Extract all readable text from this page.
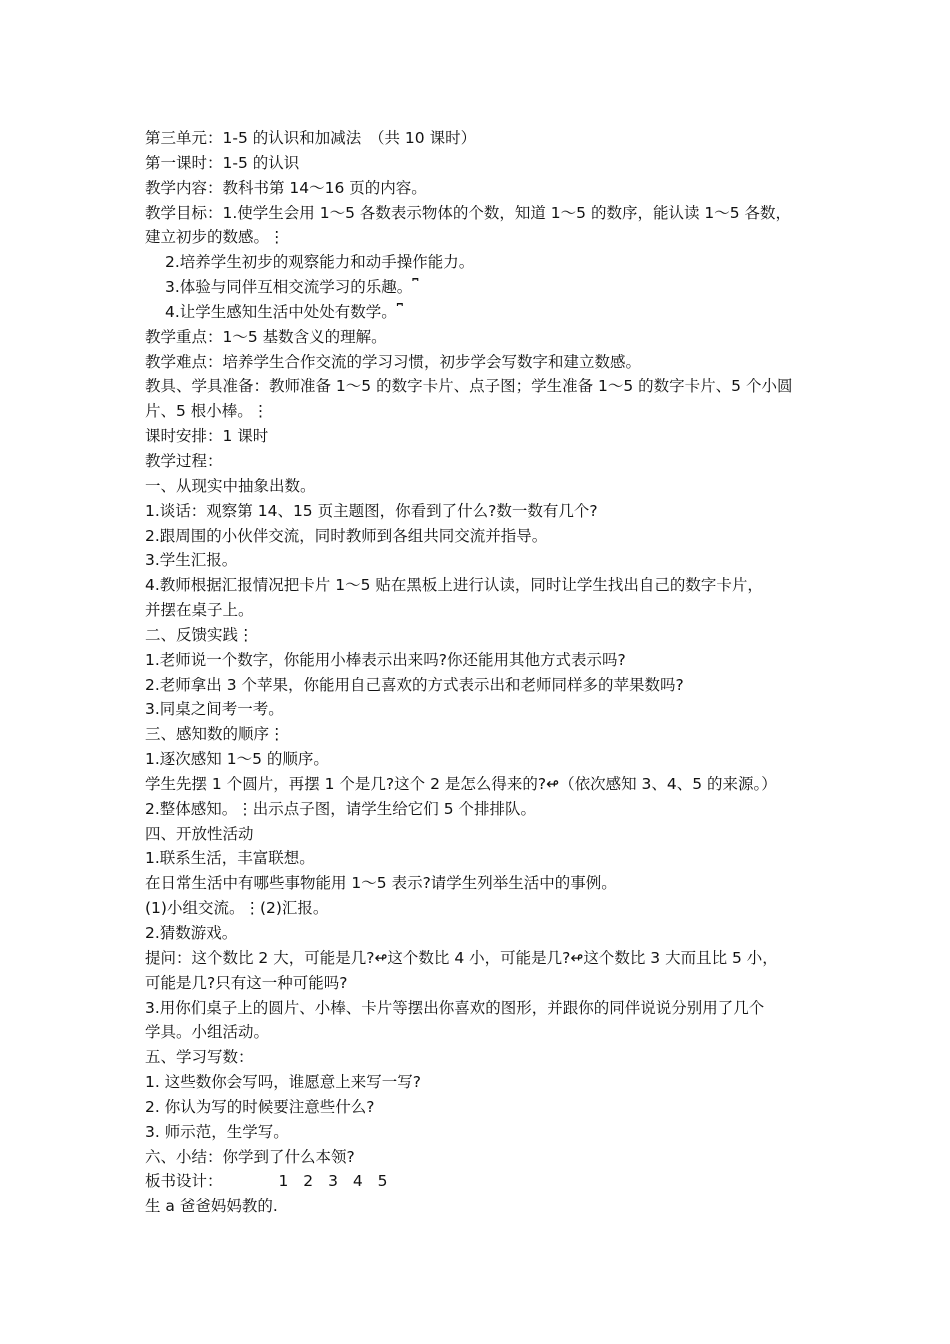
第三单元：1-5 的认识和加减法　（共 10 课时）
第一课时：1-5 的认识
教学内容：教科书第 14～16 页的内容。
教学目标：1.使学生会用 1～5 各数表示物体的个数，知道 1～5 的数序，能认读 1～5 各数，
建立初步的数感。⋮
2.培养学生初步的观察能力和动手操作能力。
3.体验与同伴互相交流学习的乐趣。⎴
4.让学生感知生活中处处有数学。⎴
教学重点：1～5 基数含义的理解。
教学难点：培养学生合作交流的学习习惯，初步学会写数字和建立数感。
教具、学具准备：教师准备 1～5 的数字卡片、点子图；学生准备 1～5 的数字卡片、5 个小圆
片、5 根小棒。⋮
课时安排：1 课时
教学过程：
一、从现实中抽象出数。
1.谈话：观察第 14、15 页主题图，你看到了什么?数一数有几个?
2.跟周围的小伙伴交流，同时教师到各组共同交流并指导。
3.学生汇报。
4.教师根据汇报情况把卡片 1～5 贴在黑板上进行认读，同时让学生找出自己的数字卡片，
并摆在桌子上。
二、反馈实践⋮
1.老师说一个数字，你能用小棒表示出来吗?你还能用其他方式表示吗?
2.老师拿出 3 个苹果，你能用自己喜欢的方式表示出和老师同样多的苹果数吗?
3.同桌之间考一考。
三、感知数的顺序⋮
1.逐次感知 1～5 的顺序。
学生先摆 1 个圆片，再摆 1 个是几?这个 2 是怎么得来的?↫（依次感知 3、4、5 的来源。）
2.整体感知。⋮出示点子图，请学生给它们 5 个排排队。
四、开放性活动
1.联系生活，丰富联想。
在日常生活中有哪些事物能用 1～5 表示?请学生列举生活中的事例。
(1)小组交流。⋮(2)汇报。
2.猜数游戏。
提问：这个数比 2 大，可能是几?↫这个数比 4 小，可能是几?↫这个数比 3 大而且比 5 小，
可能是几?只有这一种可能吗?
3.用你们桌子上的圆片、小棒、卡片等摆出你喜欢的图形，并跟你的同伴说说分别用了几个
学具。小组活动。
五、学习写数：
1. 这些数你会写吗，谁愿意上来写一写?
2. 你认为写的时候要注意些什么?
3. 师示范，生学写。
六、小结：你学到了什么本领?
板书设计：	1 2 3 4 5
生 a 爸爸妈妈教的.
